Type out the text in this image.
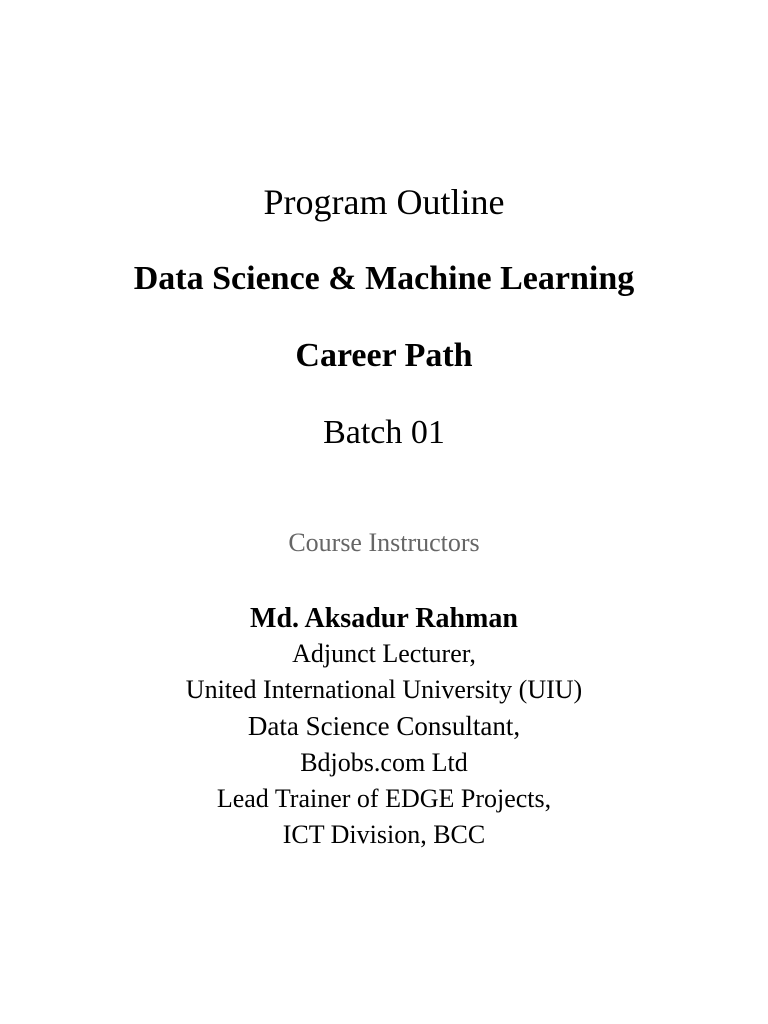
Program Outline
Data Science & Machine Learning
Career Path
Batch 01
Course Instructors
Md. Aksadur Rahman
Adjunct Lecturer,
United International University (UIU)
Data Science Consultant,
Bdjobs.com Ltd
Lead Trainer of EDGE Projects,
ICT Division, BCC
